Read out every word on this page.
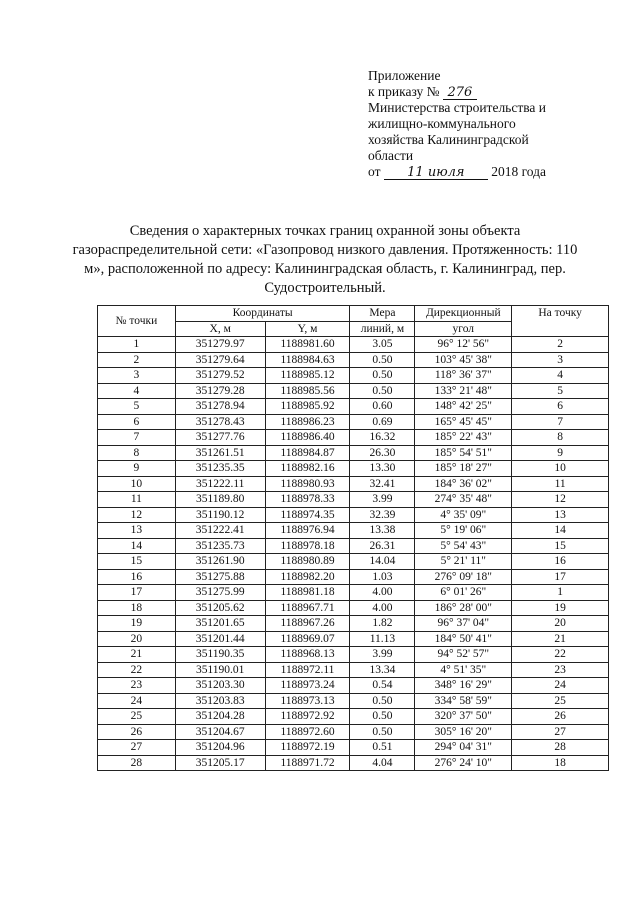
Приложение
к приказу № 276
Министерства строительства и
жилищно-коммунального
хозяйства Калининградской
области
от 11 июля 2018 года
Сведения о характерных точках границ охранной зоны объекта газораспределительной сети: «Газопровод низкого давления. Протяженность: 110 м», расположенной по адресу: Калининградская область, г. Калининград, пер. Судостроительный.
№ точки	Координаты		Мера	Дирекционный	На точку
	X, м	Y, м	линий, м	угол	
1	351279.97	1188981.60	3.05	96° 12' 56"	2
2	351279.64	1188984.63	0.50	103° 45' 38"	3
3	351279.52	1188985.12	0.50	118° 36' 37"	4
4	351279.28	1188985.56	0.50	133° 21' 48"	5
5	351278.94	1188985.92	0.60	148° 42' 25"	6
6	351278.43	1188986.23	0.69	165° 45' 45"	7
7	351277.76	1188986.40	16.32	185° 22' 43"	8
8	351261.51	1188984.87	26.30	185° 54' 51"	9
9	351235.35	1188982.16	13.30	185° 18' 27"	10
10	351222.11	1188980.93	32.41	184° 36' 02"	11
11	351189.80	1188978.33	3.99	274° 35' 48"	12
12	351190.12	1188974.35	32.39	4° 35' 09"	13
13	351222.41	1188976.94	13.38	5° 19' 06"	14
14	351235.73	1188978.18	26.31	5° 54' 43"	15
15	351261.90	1188980.89	14.04	5° 21' 11"	16
16	351275.88	1188982.20	1.03	276° 09' 18"	17
17	351275.99	1188981.18	4.00	6° 01' 26"	1
18	351205.62	1188967.71	4.00	186° 28' 00"	19
19	351201.65	1188967.26	1.82	96° 37' 04"	20
20	351201.44	1188969.07	11.13	184° 50' 41"	21
21	351190.35	1188968.13	3.99	94° 52' 57"	22
22	351190.01	1188972.11	13.34	4° 51' 35"	23
23	351203.30	1188973.24	0.54	348° 16' 29"	24
24	351203.83	1188973.13	0.50	334° 58' 59"	25
25	351204.28	1188972.92	0.50	320° 37' 50"	26
26	351204.67	1188972.60	0.50	305° 16' 20"	27
27	351204.96	1188972.19	0.51	294° 04' 31"	28
28	351205.17	1188971.72	4.04	276° 24' 10"	18
